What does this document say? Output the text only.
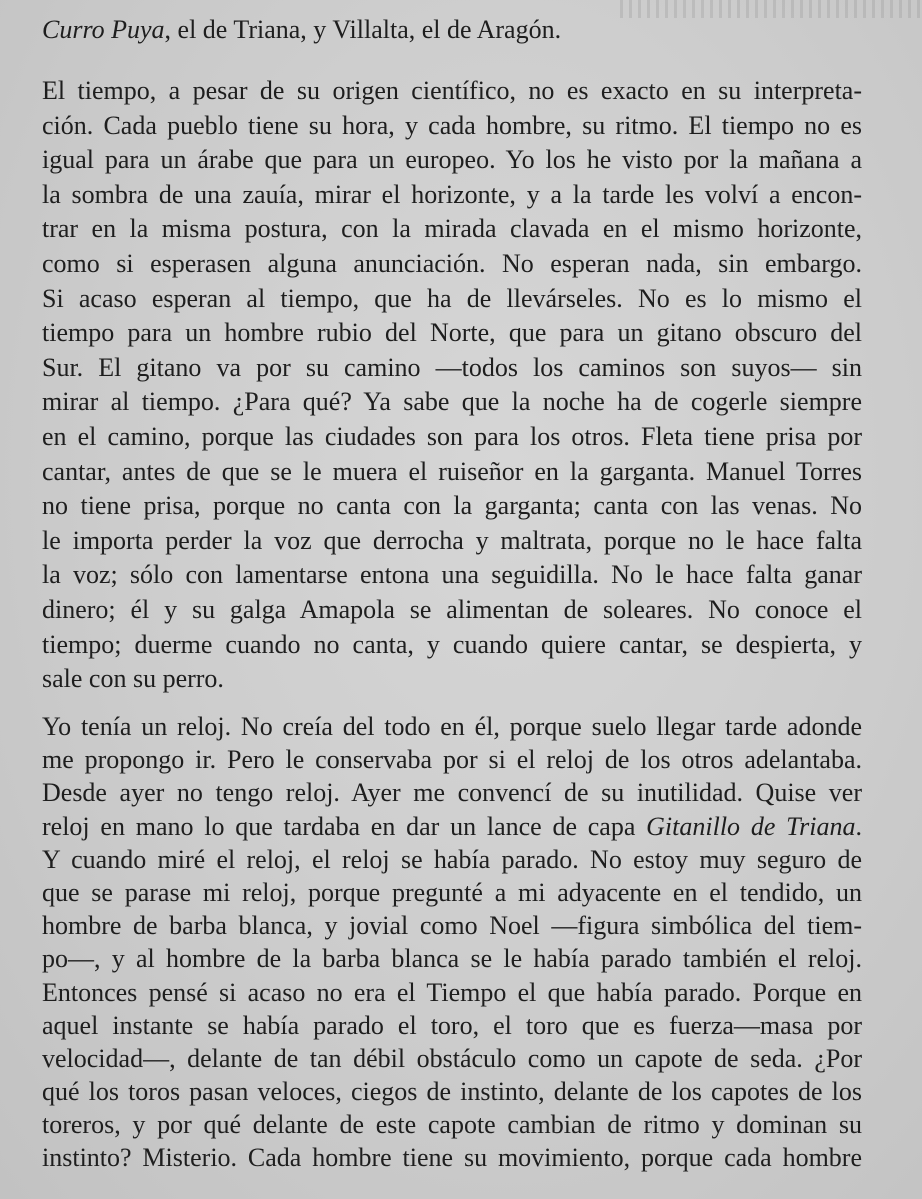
Curro Puya, el de Triana, y Villalta, el de Aragón.
El tiempo, a pesar de su origen científico, no es exacto en su interpreta-
ción. Cada pueblo tiene su hora, y cada hombre, su ritmo. El tiempo no es
igual para un árabe que para un europeo. Yo los he visto por la mañana a
la sombra de una zauía, mirar el horizonte, y a la tarde les volví a encon-
trar en la misma postura, con la mirada clavada en el mismo horizonte,
como si esperasen alguna anunciación. No esperan nada, sin embargo.
Si acaso esperan al tiempo, que ha de llevárseles. No es lo mismo el
tiempo para un hombre rubio del Norte, que para un gitano obscuro del
Sur. El gitano va por su camino —todos los caminos son suyos— sin
mirar al tiempo. ¿Para qué? Ya sabe que la noche ha de cogerle siempre
en el camino, porque las ciudades son para los otros. Fleta tiene prisa por
cantar, antes de que se le muera el ruiseñor en la garganta. Manuel Torres
no tiene prisa, porque no canta con la garganta; canta con las venas. No
le importa perder la voz que derrocha y maltrata, porque no le hace falta
la voz; sólo con lamentarse entona una seguidilla. No le hace falta ganar
dinero; él y su galga Amapola se alimentan de soleares. No conoce el
tiempo; duerme cuando no canta, y cuando quiere cantar, se despierta, y
sale con su perro.
Yo tenía un reloj. No creía del todo en él, porque suelo llegar tarde adonde
me propongo ir. Pero le conservaba por si el reloj de los otros adelantaba.
Desde ayer no tengo reloj. Ayer me convencí de su inutilidad. Quise ver
reloj en mano lo que tardaba en dar un lance de capa Gitanillo de Triana.
Y cuando miré el reloj, el reloj se había parado. No estoy muy seguro de
que se parase mi reloj, porque pregunté a mi adyacente en el tendido, un
hombre de barba blanca, y jovial como Noel —figura simbólica del tiem-
po—, y al hombre de la barba blanca se le había parado también el reloj.
Entonces pensé si acaso no era el Tiempo el que había parado. Porque en
aquel instante se había parado el toro, el toro que es fuerza—masa por
velocidad—, delante de tan débil obstáculo como un capote de seda. ¿Por
qué los toros pasan veloces, ciegos de instinto, delante de los capotes de los
toreros, y por qué delante de este capote cambian de ritmo y dominan su
instinto? Misterio. Cada hombre tiene su movimiento, porque cada hombre
